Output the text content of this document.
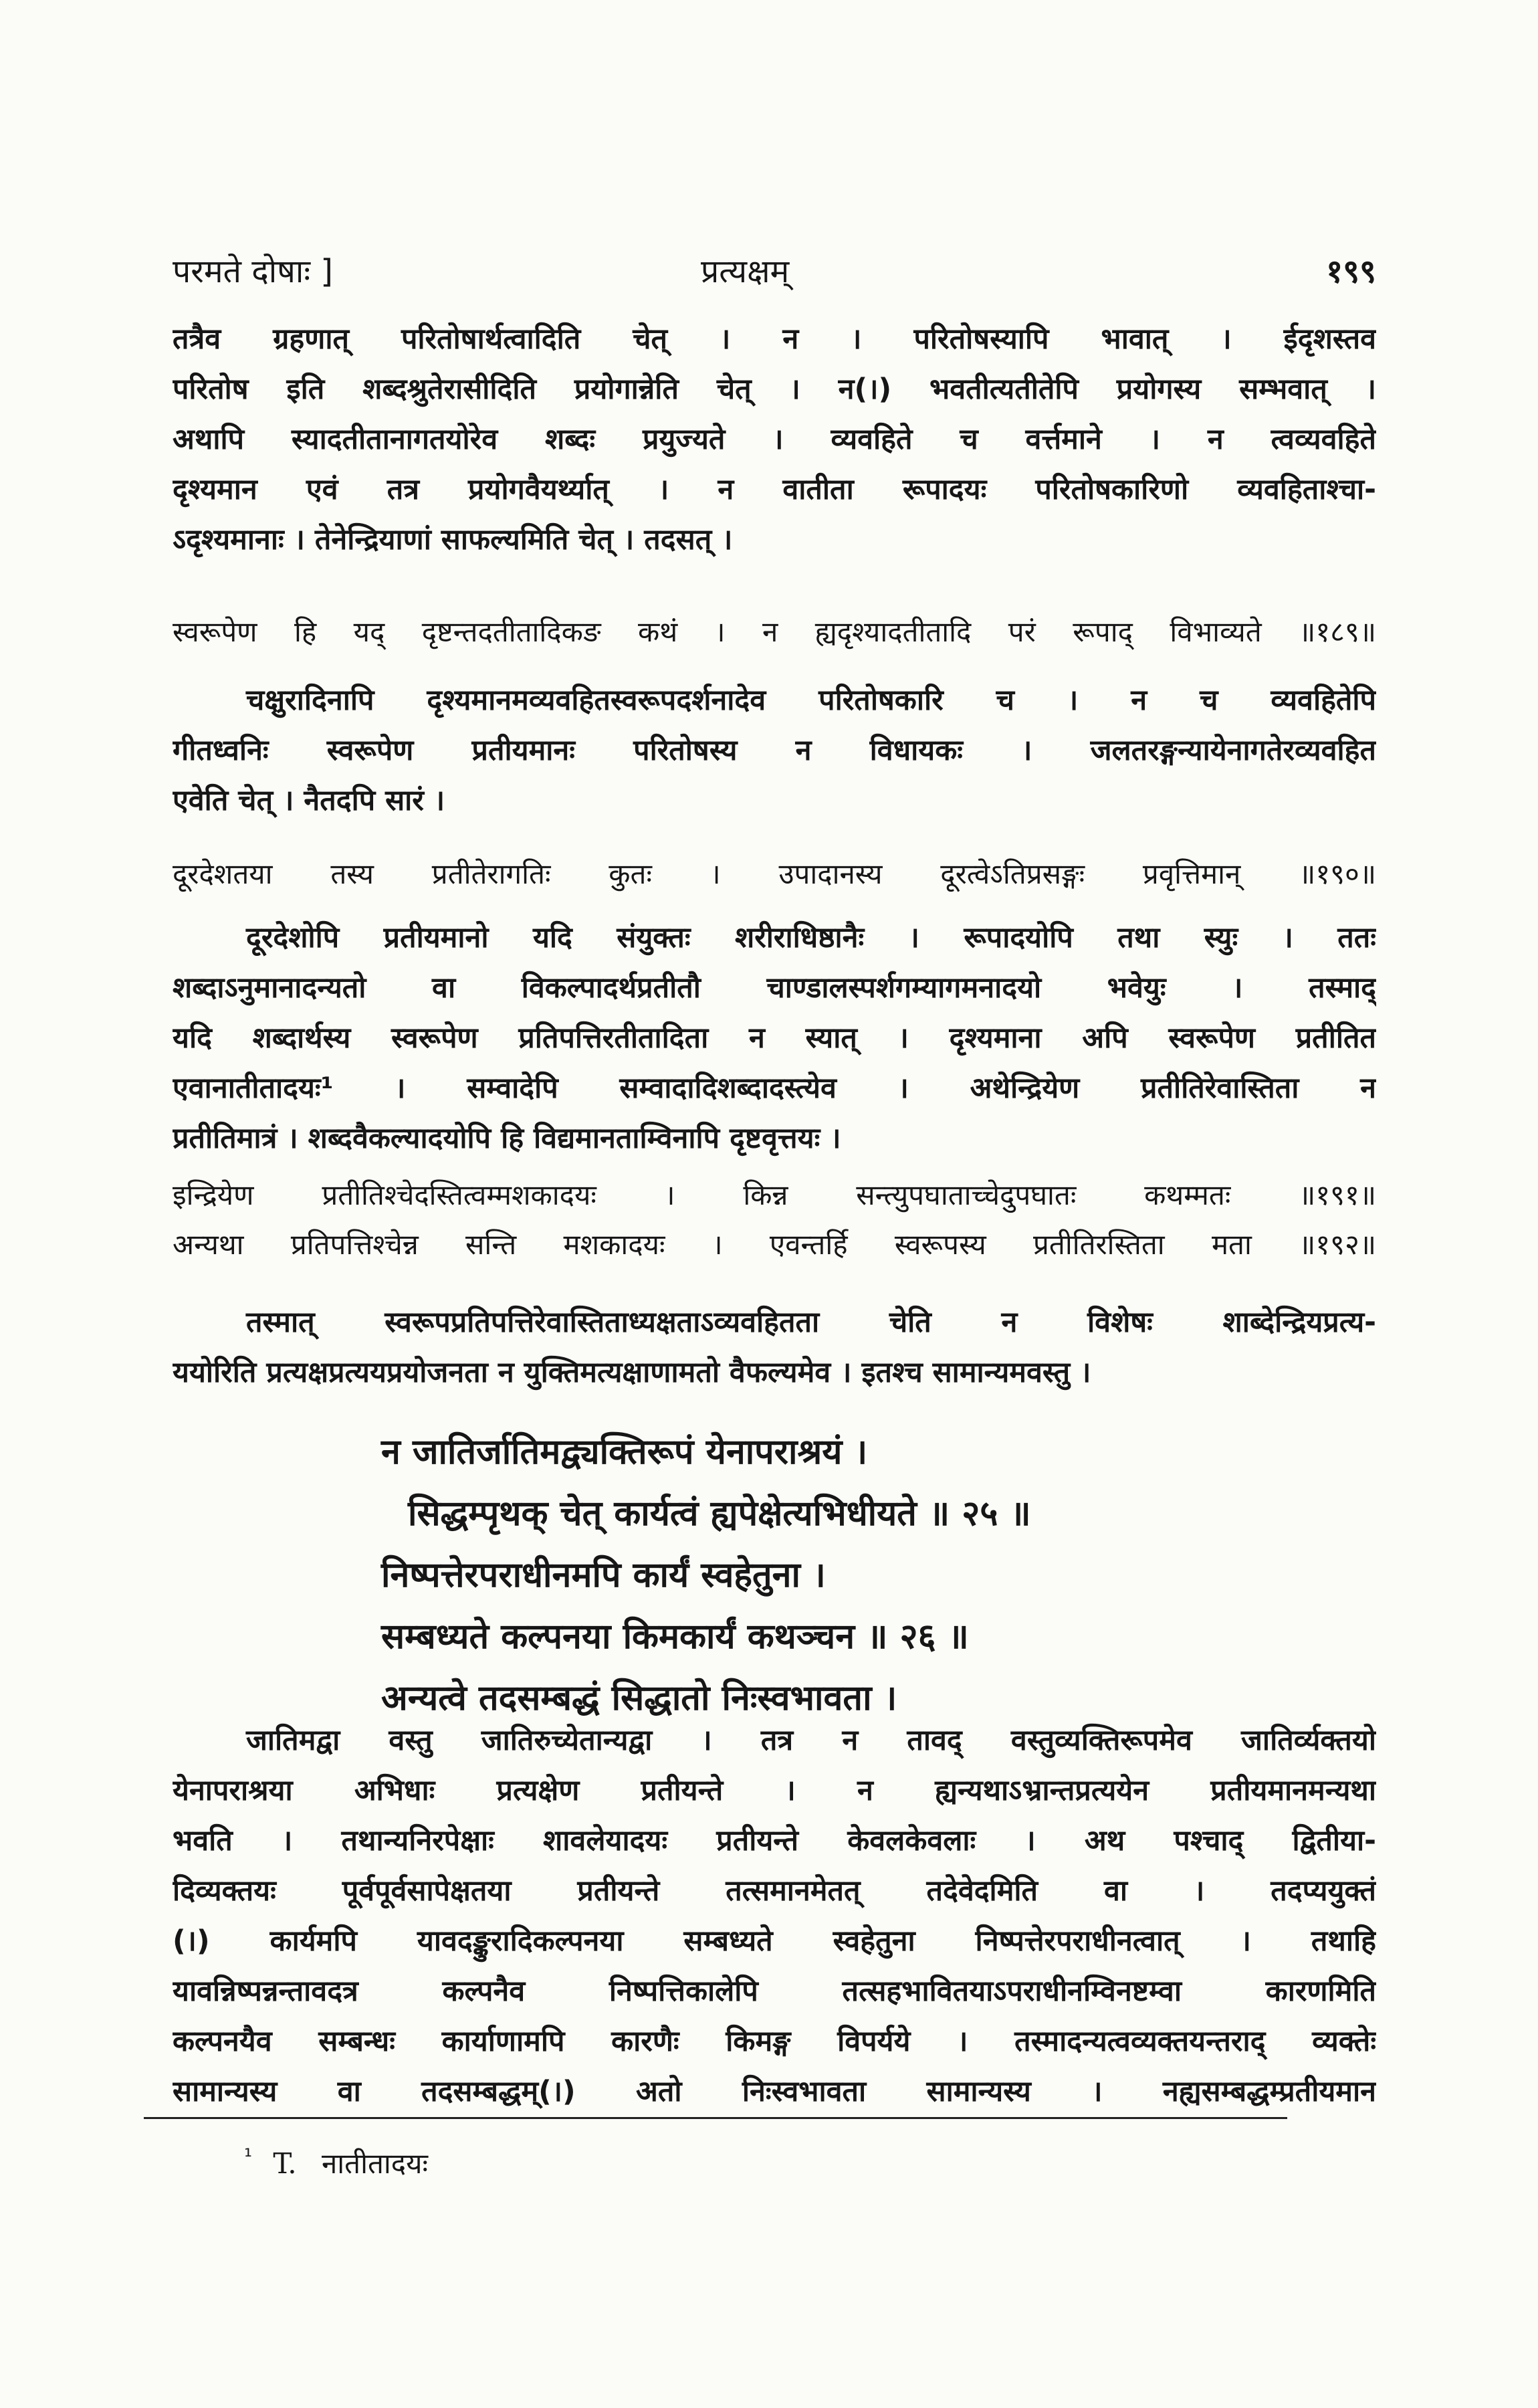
परमते दोषाः ]	प्रत्यक्षम्	१९९

तत्रैव ग्रहणात् परितोषार्थत्वादिति चेत् । न । परितोषस्यापि भावात् । ईदृशस्तव

परितोष इति शब्दश्रुतेरासीदिति प्रयोगान्नेति चेत् । न(।) भवतीत्यतीतेपि प्रयोगस्य सम्भवात् ।

अथापि स्यादतीतानागतयोरेव शब्दः प्रयुज्यते । व्यवहिते च वर्त्तमाने । न त्वव्यवहिते

दृश्यमान एवं तत्र प्रयोगवैयर्थ्यात् । न वातीता रूपादयः परितोषकारिणो व्यवहिताश्चा-

ऽदृश्यमानाः । तेनेन्द्रियाणां साफल्यमिति चेत् । तदसत् ।

स्वरूपेण हि यद् दृष्टन्तदतीतादिकङ कथं । न ह्यदृश्यादतीतादि परं रूपाद् विभाव्यते ॥१८९॥

चक्षुरादिनापि दृश्यमानमव्यवहितस्वरूपदर्शनादेव परितोषकारि च । न च व्यवहितेपि

गीतध्वनिः स्वरूपेण प्रतीयमानः परितोषस्य न विधायकः । जलतरङ्गन्यायेनागतेरव्यवहित

एवेति चेत् । नैतदपि सारं ।

दूरदेशतया तस्य प्रतीतेरागतिः कुतः । उपादानस्य दूरत्वेऽतिप्रसङ्गः प्रवृत्तिमान् ॥१९०॥

दूरदेशोपि प्रतीयमानो यदि संयुक्तः शरीराधिष्ठानैः । रूपादयोपि तथा स्युः । ततः

शब्दाऽनुमानादन्यतो वा विकल्पादर्थप्रतीतौ चाण्डालस्पर्शगम्यागमनादयो भवेयुः । तस्माद्

यदि शब्दार्थस्य स्वरूपेण प्रतिपत्तिरतीतादिता न स्यात् । दृश्यमाना अपि स्वरूपेण प्रतीतित

एवानातीतादयः¹ । सम्वादेपि सम्वादादिशब्दादस्त्येव । अथेन्द्रियेण प्रतीतिरेवास्तिता न

प्रतीतिमात्रं । शब्दवैकल्यादयोपि हि विद्यमानताम्विनापि दृष्टवृत्तयः ।

इन्द्रियेण प्रतीतिश्चेदस्तित्वम्मशकादयः । किन्न सन्त्युपघाताच्चेदुपघातः कथम्मतः ॥१९१॥

अन्यथा प्रतिपत्तिश्चेन्न सन्ति मशकादयः । एवन्तर्हि स्वरूपस्य प्रतीतिरस्तिता मता ॥१९२॥

तस्मात् स्वरूपप्रतिपत्तिरेवास्तिताध्यक्षताऽव्यवहितता चेति न विशेषः शाब्देन्द्रियप्रत्य-

ययोरिति प्रत्यक्षप्रत्ययप्रयोजनता न युक्तिमत्यक्षाणामतो वैफल्यमेव । इतश्च सामान्यमवस्तु ।

न जातिर्जातिमद्व्यक्तिरूपं येनापराश्रयं ।

सिद्धम्पृथक् चेत् कार्यत्वं ह्यपेक्षेत्यभिधीयते ॥ २५ ॥

निष्पत्तेरपराधीनमपि कार्यं स्वहेतुना ।

सम्बध्यते कल्पनया किमकार्यं कथञ्चन ॥ २६ ॥

अन्यत्वे तदसम्बद्धं सिद्धातो निःस्वभावता ।

जातिमद्वा वस्तु जातिरुच्येतान्यद्वा । तत्र न तावद् वस्तुव्यक्तिरूपमेव जातिर्व्यक्तयो

येनापराश्रया अभिधाः प्रत्यक्षेण प्रतीयन्ते । न ह्यन्यथाऽभ्रान्तप्रत्ययेन प्रतीयमानमन्यथा

भवति । तथान्यनिरपेक्षाः शावलेयादयः प्रतीयन्ते केवलकेवलाः । अथ पश्चाद् द्वितीया-

दिव्यक्तयः पूर्वपूर्वसापेक्षतया प्रतीयन्ते तत्समानमेतत् तदेवेदमिति वा । तदप्ययुक्तं

(।) कार्यमपि यावदङ्कुरादिकल्पनया सम्बध्यते स्वहेतुना निष्पत्तेरपराधीनत्वात् । तथाहि

यावन्निष्पन्नन्तावदत्र कल्पनैव निष्पत्तिकालेपि तत्सहभावितयाऽपराधीनम्विनष्टम्वा कारणमिति

कल्पनयैव सम्बन्धः कार्याणामपि कारणैः किमङ्ग विपर्यये । तस्मादन्यत्वव्यक्तयन्तराद् व्यक्तेः

सामान्यस्य वा तदसम्बद्धम्(।) अतो निःस्वभावता सामान्यस्य । नह्यसम्बद्धम्प्रतीयमान

$^{^1}$ T. नातीतादयः
